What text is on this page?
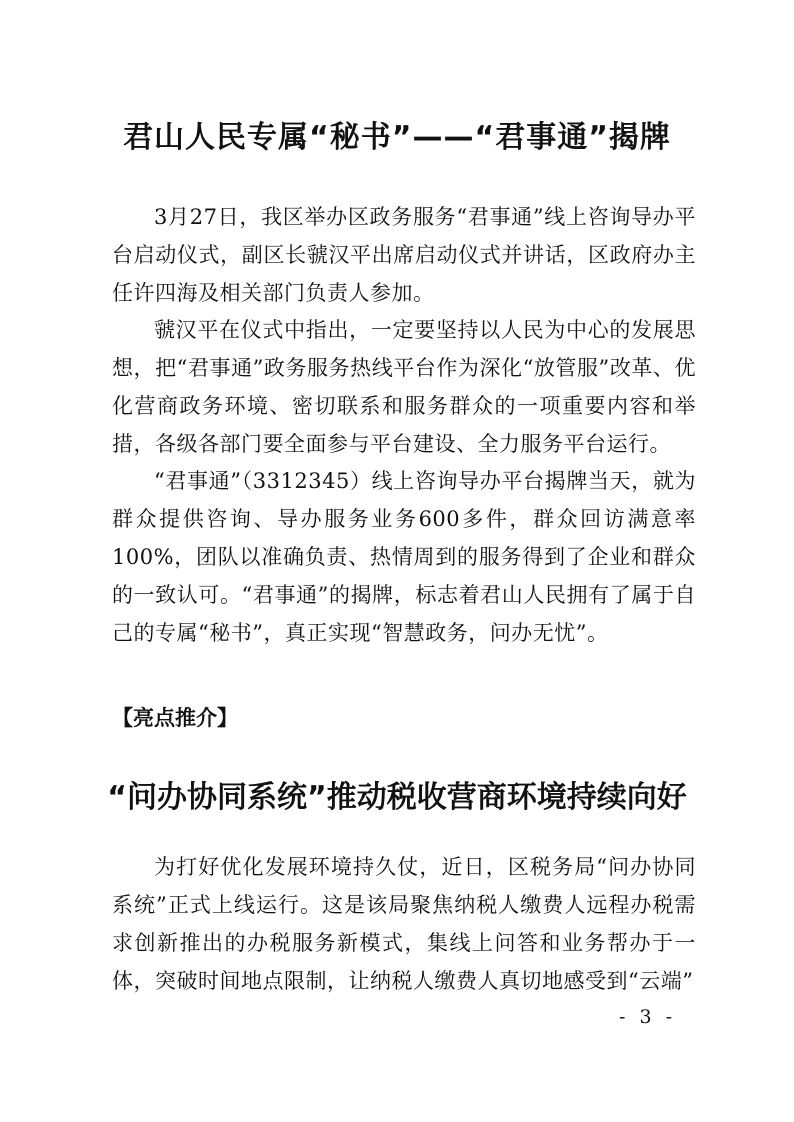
君山人民专属“秘书”——“君事通”揭牌

3月27日，我区举办区政务服务“君事通”线上咨询导办平台启动仪式，副区长虢汉平出席启动仪式并讲话，区政府办主任许四海及相关部门负责人参加。

虢汉平在仪式中指出，一定要坚持以人民为中心的发展思想，把“君事通”政务服务热线平台作为深化“放管服”改革、优化营商政务环境、密切联系和服务群众的一项重要内容和举措，各级各部门要全面参与平台建设、全力服务平台运行。

“君事通”（3312345）线上咨询导办平台揭牌当天，就为群众提供咨询、导办服务业务600多件，群众回访满意率100%，团队以准确负责、热情周到的服务得到了企业和群众的一致认可。“君事通”的揭牌，标志着君山人民拥有了属于自己的专属“秘书”，真正实现“智慧政务，问办无忧”。

【亮点推介】
“问办协同系统”推动税收营商环境持续向好

为打好优化发展环境持久仗，近日，区税务局“问办协同系统”正式上线运行。这是该局聚焦纳税人缴费人远程办税需求创新推出的办税服务新模式，集线上问答和业务帮办于一体，突破时间地点限制，让纳税人缴费人真切地感受到“云端”

- 3 -
